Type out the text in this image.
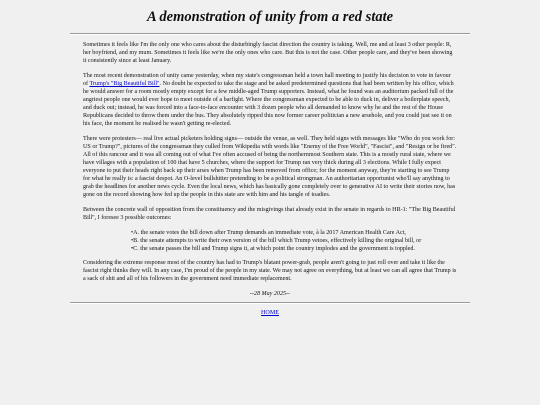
A demonstration of unity from a red state

Sometimes it feels like I'm the only one who cares about the disturbingly fascist direction the country is taking. Well, me and at least 3 other people: R, her boyfriend, and my mum. Sometimes it feels like we're the only ones who care. But this is not the case. Other people care, and they've been showing it consistently since at least January.

The most recent demonstration of unity came yesterday, when my state's congressman held a town hall meeting to justify his decision to vote in favour of Trump's "Big Beautiful Bill". No doubt he expected to take the stage and be asked predetermined questions that had been written by his office, which he would answer for a room mostly empty except for a few middle-aged Trump supporters. Instead, what he found was an auditorium packed full of the angriest people one would ever hope to meet outside of a barfight. Where the congressman expected to be able to duck in, deliver a boilerplate speech, and duck out; instead, he was forced into a face-to-face encounter with 3 dozen people who all demanded to know why he and the rest of the House Republicans decided to throw them under the bus. They absolutely ripped this now former career politician a new arsehole, and you could just see it on his face, the moment he realised he wasn't getting re-elected.

There were protesters— real live actual picketers holding signs— outside the venue, as well. They held signs with messages like "Who do you work for: US or Trump?", pictures of the congressman they culled from Wikipedia with words like "Enemy of the Free World", "Fascist", and "Resign or be fired". All of this rancour and it was all coming out of what I've often accused of being the northernmost Southern state. This is a mostly rural state, where we have villages with a population of 100 that have 5 churches, where the support for Trump ran very thick during all 3 elections. While I fully expect everyone to put their heads right back up their arses when Trump has been removed from office; for the moment anyway, they're starting to see Trump for what he really is: a fascist despot. An O-level bullshitter pretending to be a political strongman. An authoritarian opportunist who'll say anything to grab the headlines for another news cycle. Even the local news, which has basically gone completely over to generative AI to write their stories now, has gone on the record showing how fed up the people in this state are with him and his tangle of toadies.

Between the concrete wall of opposition from the constituency and the misgivings that already exist in the senate in regards to HR-1: "The Big Beautiful Bill", I foresee 3 possible outcomes:

•A. the senate votes the bill down after Trump demands an immediate vote, à la 2017 American Health Care Act,
•B. the senate attempts to write their own version of the bill which Trump vetoes, effectively killing the original bill, or
•C. the senate passes the bill and Trump signs it, at which point the country implodes and the government is toppled.

Considering the extreme response most of the country has had to Trump's blatant power-grab, people aren't going to just roll over and take it like the fascist right thinks they will. In any case, I'm proud of the people in my state. We may not agree on everything, but at least we can all agree that Trump is a sack of shit and all of his followers in the government need immediate replacement.

--28 May 2025--
HOME
